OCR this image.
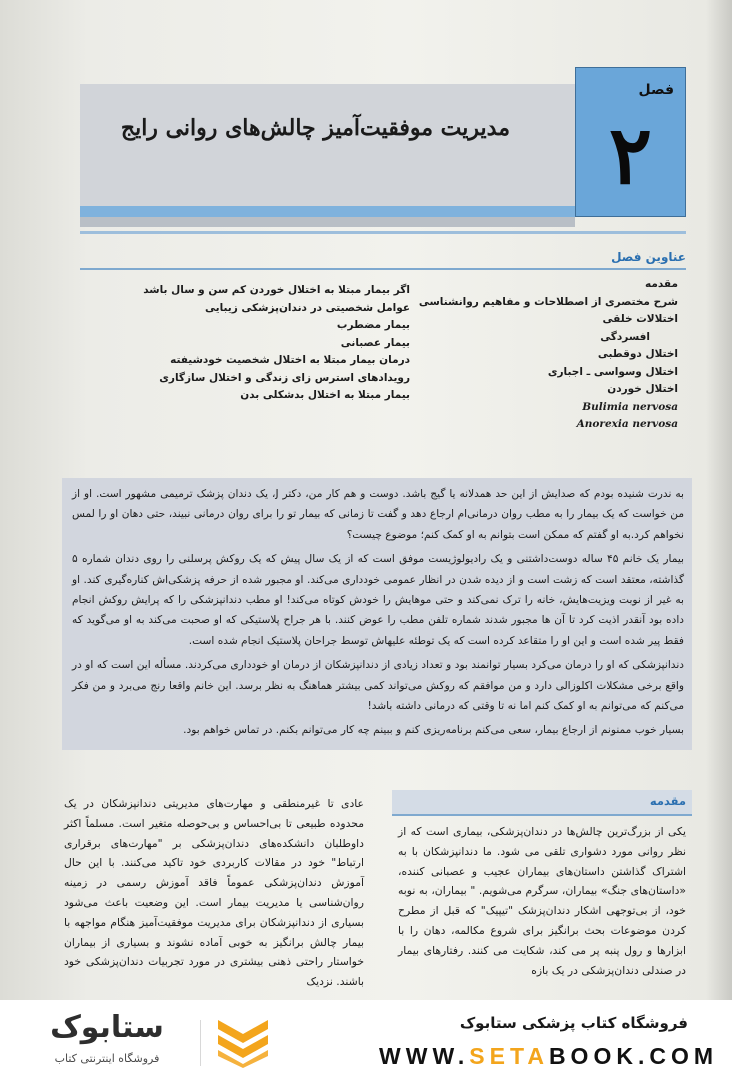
فصل
۲
مدیریت موفقیت‌آمیز چالش‌های روانی رایج
عناوین فصل
مقدمه
شرح مختصری از اصطلاحات و مفاهیم روانشناسی
اختلالات خلقی
افسردگی
اختلال دوقطبی
اختلال وسواسی ـ اجباری
اختلال خوردن
Bulimia nervosa
Anorexia nervosa
اگر بیمار مبتلا به اختلال خوردن کم سن و سال باشد
عوامل شخصیتی در دندان‌پزشکی زیبایی
بیمار مضطرب
بیمار عصبانی
درمان بیمار مبتلا به اختلال شخصیت خودشیفته
رویدادهای استرس زای زندگی و اختلال سازگاری
بیمار مبتلا به اختلال بدشکلی بدن

به ندرت شنیده بودم که صدایش از این حد همدلانه یا گیج باشد. دوست و هم کار من، دکتر J، یک دندان پزشک ترمیمی مشهور است. او از من خواست که یک بیمار را به مطب روان درمانی‌ام ارجاع دهد و گفت تا زمانی که بیمار تو را برای روان درمانی نبیند، حتی دهان او را لمس نخواهم کرد.به او گفتم که ممکن است بتوانم به او کمک کنم؛ موضوع چیست؟

بیمار یک خانم ۴۵ ساله دوست‌داشتنی و یک رادیولوژیست موفق است که از یک سال پیش که یک روکش پرسلنی را روی دندان شماره ۵ گذاشته، معتقد است که زشت است و از دیده شدن در انظار عمومی خودداری می‌کند. او مجبور شده از حرفه پزشکی‌اش کناره‌گیری کند. او به غیر از نوبت ویزیت‌هایش، خانه را ترک نمی‌کند و حتی موهایش را خودش کوتاه می‌کند! او مطب دندانپزشکی را که پرایش روکش انجام داده بود آنقدر اذیت کرد تا آن ها مجبور شدند شماره تلفن مطب را عوض کنند. با هر جراح پلاستیکی که او صحبت می‌کند به او می‌گوید که فقط پیر شده است و این او را متقاعد کرده است که یک توطئه علیهاش توسط جراحان پلاستیک انجام شده است.

دندانپزشکی که او را درمان می‌کرد بسیار توانمند بود و تعداد زیادی از دندانپزشکان از درمان او خودداری می‌کردند. مسأله این است که او در واقع برخی مشکلات اکلوزالی دارد و من موافقم که روکش می‌تواند کمی بیشتر هماهنگ به نظر برسد. این خانم واقعا رنج می‌برد و من فکر می‌کنم که می‌توانم به او کمک کنم اما نه تا وقتی که درمانی داشته باشد!

بسیار خوب ممنونم از ارجاع بیمار، سعی می‌کنم برنامه‌ریزی کنم و ببینم چه کار می‌توانم بکنم. در تماس خواهم بود.

مقدمه
یکی از بزرگ‌ترین چالش‌ها در دندان‌پزشکی، بیماری است که از نظر روانی مورد دشواری تلقی می شود. ما دندانپزشکان با به اشتراک گذاشتن داستان‌های بیماران عجیب و عصبانی کننده، «داستان‌های جنگ» بیماران، سرگرم می‌شویم. " بیماران، به نوبه خود، از بی‌توجهی اشکار دندان‌پزشک "تیپیک" که قبل از مطرح کردن موضوعات بحث برانگیز برای شروع مکالمه، دهان را با ابزارها و رول پنبه پر می کند، شکایت می کنند. رفتارهای بیمار در صندلی دندان‌پزشکی در یک بازه
عادی تا غیرمنطقی و مهارت‌های مدیریتی دندانپزشکان در یک محدوده طبیعی تا بی‌احساس و بی‌حوصله متغیر است. مسلماً اکثر داوطلبان دانشکده‌های دندان‌پزشکی بر "مهارت‌های برقراری ارتباط" خود در مقالات کاربردی خود تاکید می‌کنند. با این حال آموزش دندان‌پزشکی عموماً فاقد آموزش رسمی در زمینه روان‌شناسی یا مدیریت بیمار است. این وضعیت باعث می‌شود بسیاری از دندانپزشکان برای مدیریت موفقیت‌آمیز هنگام مواجهه با بیمار چالش برانگیز به خوبی آماده نشوند و بسیاری از بیماران خواستار راحتی ذهنی بیشتری در مورد تجربیات دندان‌پزشکی خود باشند. نزدیک
فروشگاه کتاب پزشکی ستابوک
WWW.SETABOOK.COM
ستابوک
فروشگاه اینترنتی کتاب
